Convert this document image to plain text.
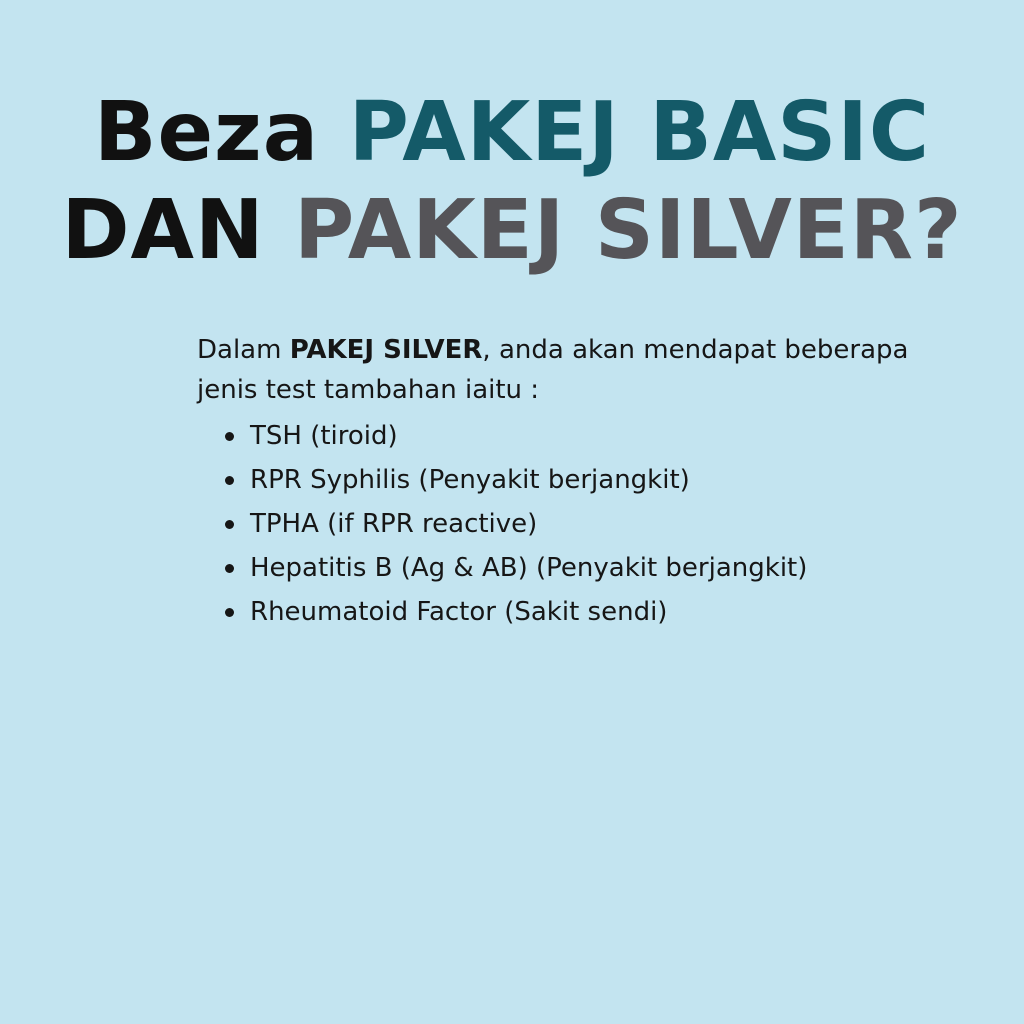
Beza PAKEJ BASIC
DAN PAKEJ SILVER?

Dalam PAKEJ SILVER, anda akan mendapat beberapa jenis test tambahan iaitu :

TSH (tiroid)
RPR Syphilis (Penyakit berjangkit)
TPHA (if RPR reactive)
Hepatitis B (Ag & AB) (Penyakit berjangkit)
Rheumatoid Factor (Sakit sendi)
